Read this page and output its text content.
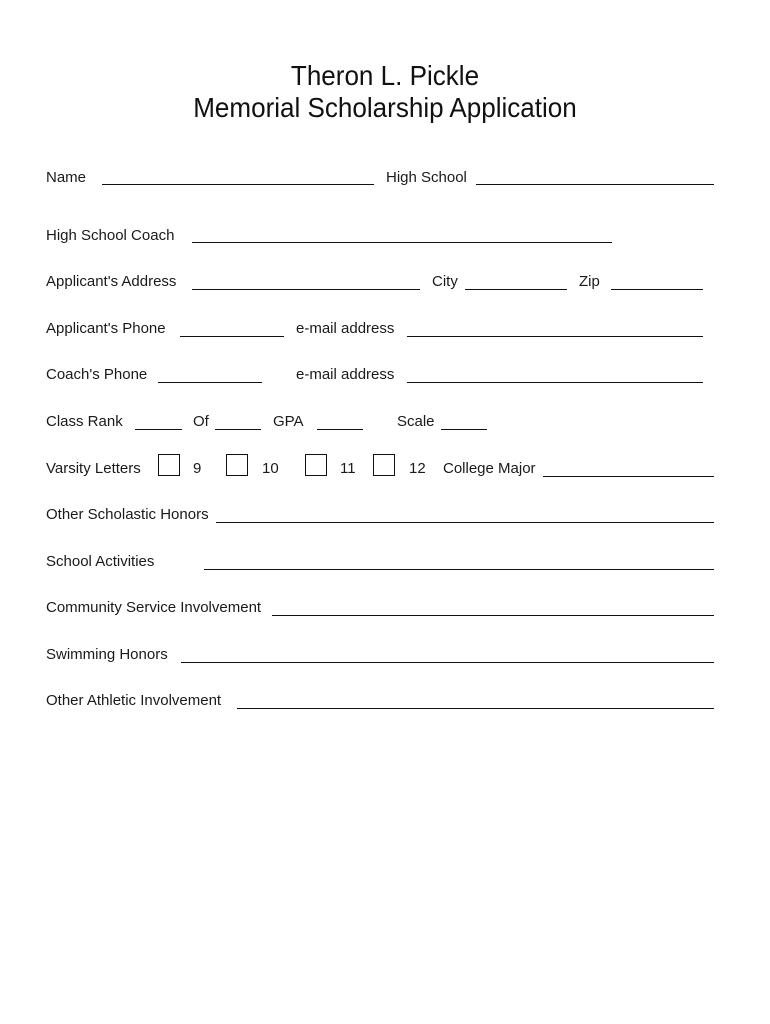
Theron L. Pickle
Memorial Scholarship Application
Name	High School
High School Coach
Applicant's Address	City	Zip
Applicant's Phone	e-mail address
Coach's Phone	e-mail address
Class Rank	Of	GPA	Scale
Varsity Letters	9	10	11	12 College Major
Other Scholastic Honors
School Activities
Community Service Involvement
Swimming Honors
Other Athletic Involvement
